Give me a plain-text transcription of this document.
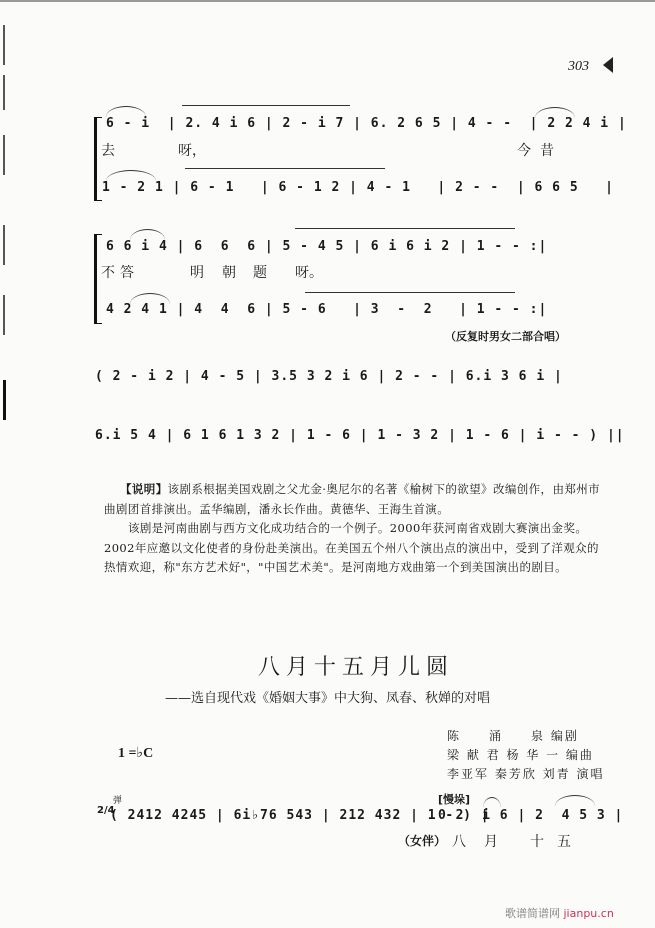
303
6 - i  | 2. 4 i 6 | 2 - i 7 | 6. 2 6 5 | 4 - -  | 2 2 4 i |
去	呀，	今 昔
1 - 2 1 | 6 - 1   | 6 - 1 2 | 4 - 1   | 2 - -  | 6 6 5   |
6 6 i 4 | 6  6  6 | 5 - 4 5 | 6 i 6 i 2 | 1 - - :|
不 答	明 朝 题 呀。
4 2 4 1 | 4  4  6 | 5 - 6   | 3  -  2   | 1 - - :|
（反复时男女二部合唱）
( 2 - i 2 | 4 - 5 | 3.5 3 2 i 6 | 2 - - | 6.i 3 6 i |
6.i 5 4 | 6 1 6 1 3 2 | 1 - 6 | 1 - 3 2 | 1 - 6 | i - - ) ||
【说明】该剧系根据美国戏剧之父尤金·奥尼尔的名著《榆树下的欲望》改编创作，由郑州市曲剧团首排演出。孟华编剧，潘永长作曲。黄德华、王海生首演。
该剧是河南曲剧与西方文化成功结合的一个例子。2000年获河南省戏剧大赛演出金奖。2002年应邀以文化使者的身份赴美演出。在美国五个州八个演出点的演出中，受到了洋观众的热情欢迎，称"东方艺术好"，"中国艺术美"。是河南地方戏曲第一个到美国演出的剧目。
八月十五月儿圆
——选自现代戏《婚姻大事》中大狗、凤春、秋婵的对唱
陈　　涌　　泉 编剧
梁 献 君 杨 华 一 编曲
李亚军 秦芳欣 刘青 演唱
1 =♭C
弹
2/4
( 2412 4245 | 6i♭76 543 | 212 432 | 1 - ) |
[慢垛]
0 2  i 6 | 2  4 5 3 |
（女伴） 八 月 十 五
歌谱简谱网 jianpu.cn
